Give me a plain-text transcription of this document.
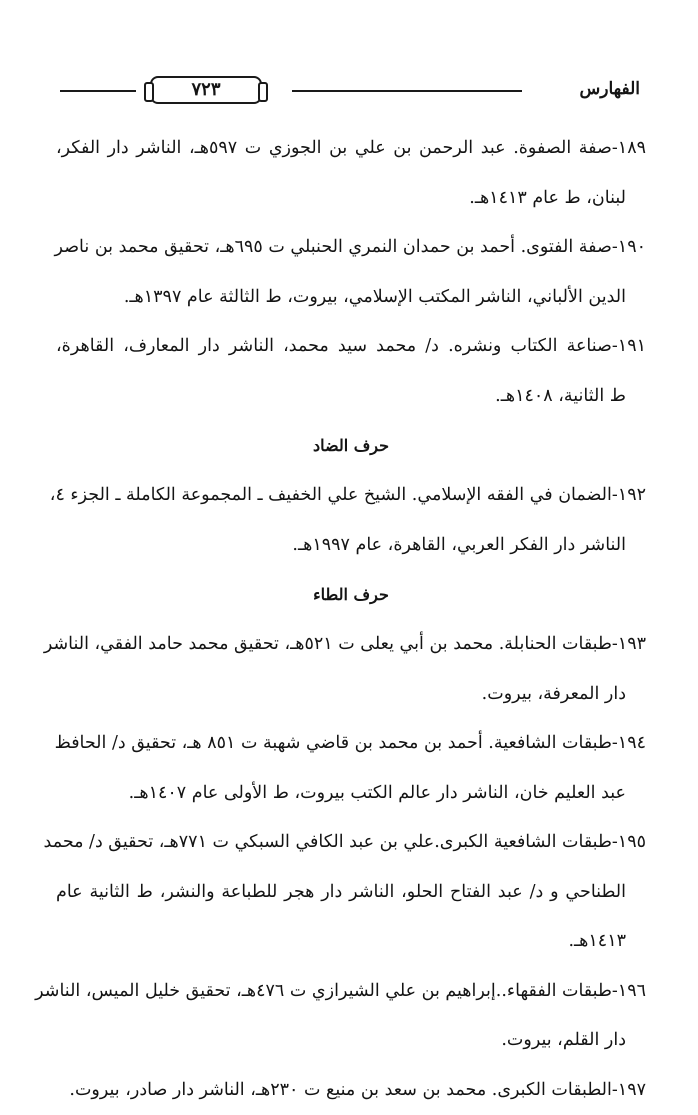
الفهارس
٧٢٣

١٨٩-صفة الصفوة. عبد الرحمن بن علي بن الجوزي ت ٥٩٧هـ، الناشر دار الفكر،

لبنان، ط عام ١٤١٣هـ.

١٩٠-صفة الفتوى. أحمد بن حمدان النمري الحنبلي ت ٦٩٥هـ، تحقيق محمد بن ناصر

الدين الألباني، الناشر المكتب الإسلامي، بيروت، ط الثالثة عام ١٣٩٧هـ.

١٩١-صناعة الكتاب ونشره. د/ محمد سيد محمد، الناشر دار المعارف، القاهرة،

ط الثانية، ١٤٠٨هـ.

حرف الضاد

١٩٢-الضمان في الفقه الإسلامي. الشيخ علي الخفيف ـ المجموعة الكاملة ـ الجزء ٤،

الناشر دار الفكر العربي، القاهرة، عام ١٩٩٧هـ.

حرف الطاء

١٩٣-طبقات الحنابلة. محمد بن أبي يعلى ت ٥٢١هـ، تحقيق محمد حامد الفقي، الناشر

دار المعرفة، بيروت.

١٩٤-طبقات الشافعية. أحمد بن محمد بن قاضي شهبة ت ٨٥١ هـ، تحقيق د/ الحافظ

عبد العليم خان، الناشر دار عالم الكتب بيروت، ط الأولى عام ١٤٠٧هـ.

١٩٥-طبقات الشافعية الكبرى.علي بن عبد الكافي السبكي ت ٧٧١هـ، تحقيق د/ محمد

الطناحي و د/ عبد الفتاح الحلو، الناشر دار هجر للطباعة والنشر، ط الثانية عام

١٤١٣هـ.

١٩٦-طبقات الفقهاء..إبراهيم بن علي الشيرازي ت ٤٧٦هـ، تحقيق خليل الميس، الناشر

دار القلم، بيروت.

١٩٧-الطبقات الكبرى. محمد بن سعد بن منيع ت ٢٣٠هـ، الناشر دار صادر، بيروت.
